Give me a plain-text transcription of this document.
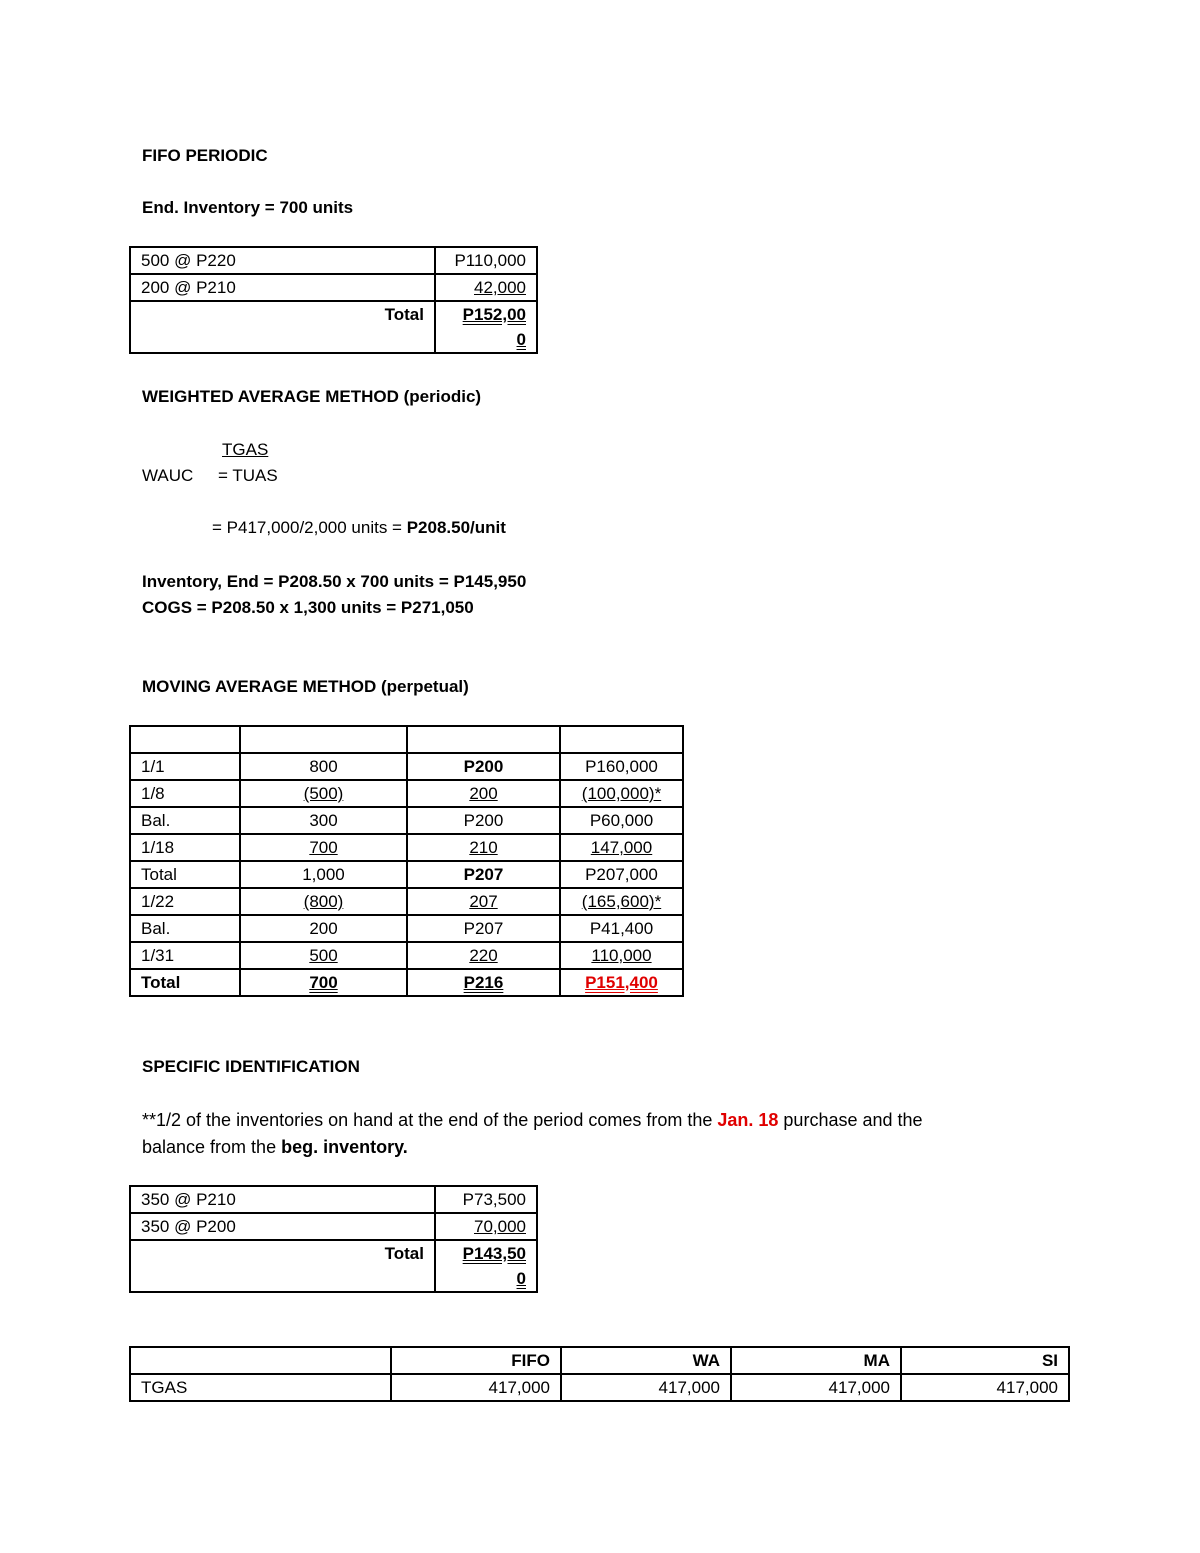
FIFO PERIODIC
End. Inventory = 700 units
500 @ P220	P110,000
200 @ P210	42,000
Total	P152,00
0
WEIGHTED AVERAGE METHOD (periodic)
TGAS
WAUC = TUAS
= P417,000/2,000 units = P208.50/unit
Inventory, End = P208.50 x 700 units = P145,950
COGS = P208.50 x 1,300 units = P271,050
MOVING AVERAGE METHOD (perpetual)

1/1	800	P200	P160,000
1/8	(500)	200	(100,000)*
Bal.	300	P200	P60,000
1/18	700	210	147,000
Total	1,000	P207	P207,000
1/22	(800)	207	(165,600)*
Bal.	200	P207	P41,400
1/31	500	220	110,000
Total	700	P216	P151,400
SPECIFIC IDENTIFICATION
**1/2 of the inventories on hand at the end of the period comes from the Jan. 18 purchase and the
balance from the beg. inventory.
350 @ P210	P73,500
350 @ P200	70,000
Total	P143,50
0
	FIFO	WA	MA	SI
TGAS	417,000	417,000	417,000	417,000
